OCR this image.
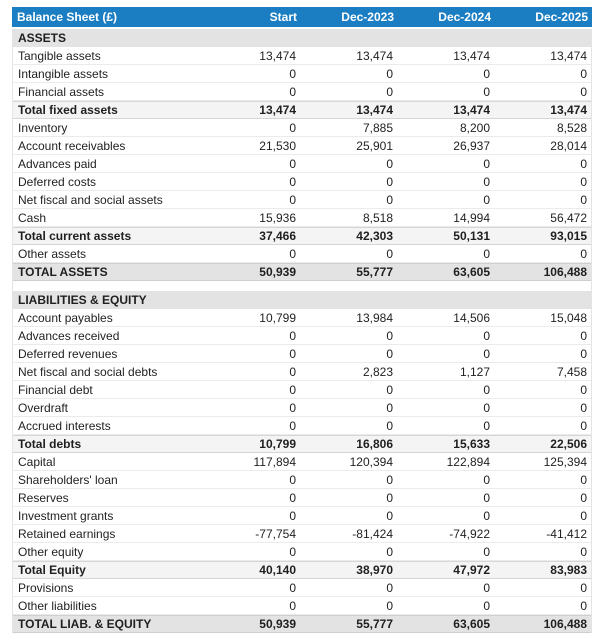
Balance Sheet (£)	Start	Dec-2023	Dec-2024	Dec-2025
ASSETS
Tangible assets	13,474	13,474	13,474	13,474
Intangible assets	0	0	0	0
Financial assets	0	0	0	0
Total fixed assets	13,474	13,474	13,474	13,474
Inventory	0	7,885	8,200	8,528
Account receivables	21,530	25,901	26,937	28,014
Advances paid	0	0	0	0
Deferred costs	0	0	0	0
Net fiscal and social assets	0	0	0	0
Cash	15,936	8,518	14,994	56,472
Total current assets	37,466	42,303	50,131	93,015
Other assets	0	0	0	0
TOTAL ASSETS	50,939	55,777	63,605	106,488
LIABILITIES & EQUITY
Account payables	10,799	13,984	14,506	15,048
Advances received	0	0	0	0
Deferred revenues	0	0	0	0
Net fiscal and social debts	0	2,823	1,127	7,458
Financial debt	0	0	0	0
Overdraft	0	0	0	0
Accrued interests	0	0	0	0
Total debts	10,799	16,806	15,633	22,506
Capital	117,894	120,394	122,894	125,394
Shareholders' loan	0	0	0	0
Reserves	0	0	0	0
Investment grants	0	0	0	0
Retained earnings	-77,754	-81,424	-74,922	-41,412
Other equity	0	0	0	0
Total Equity	40,140	38,970	47,972	83,983
Provisions	0	0	0	0
Other liabilities	0	0	0	0
TOTAL LIAB. & EQUITY	50,939	55,777	63,605	106,488
